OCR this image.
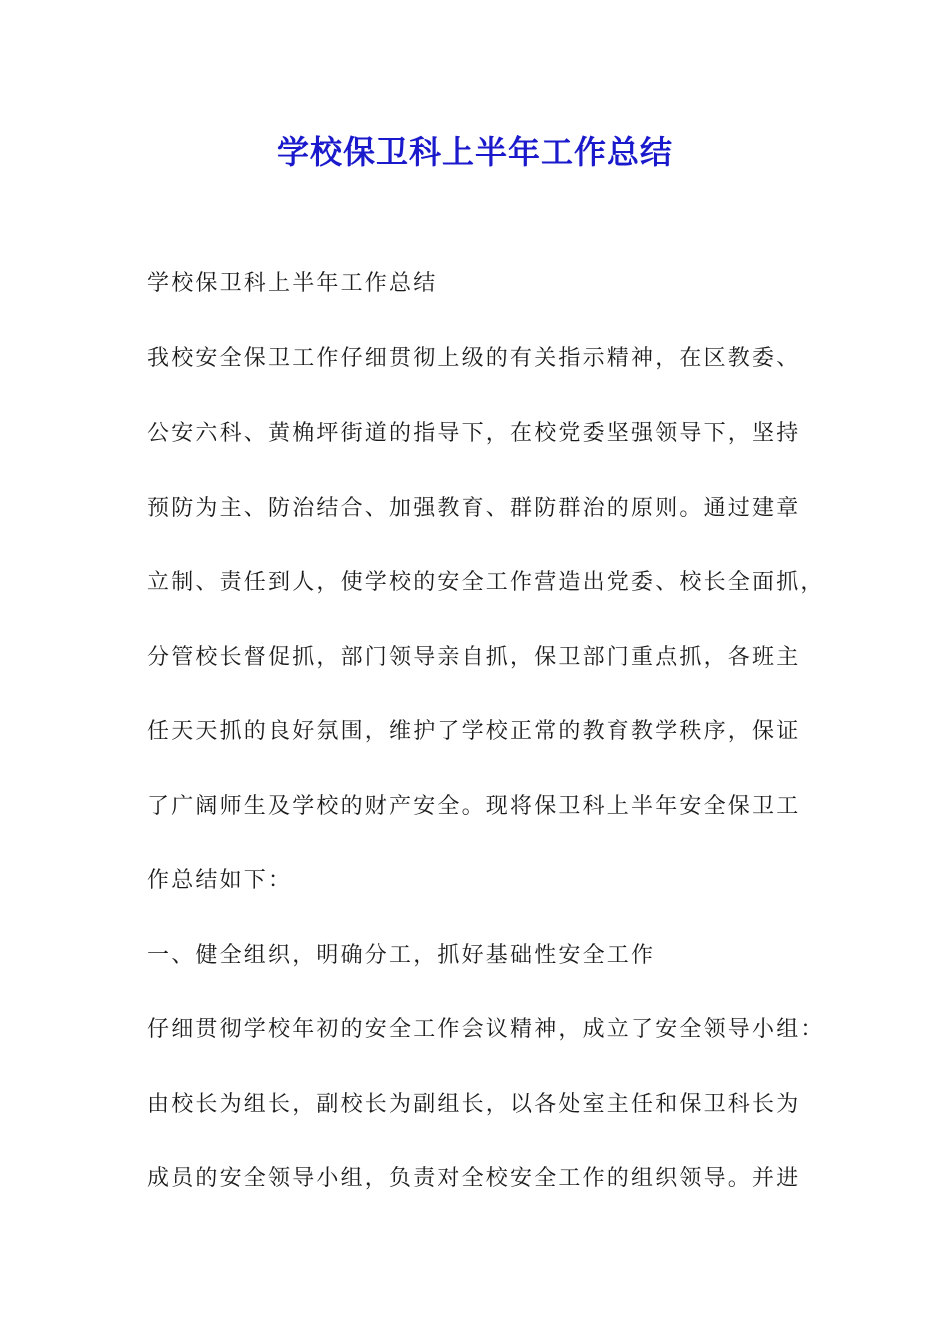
学校保卫科上半年工作总结
学校保卫科上半年工作总结
我校安全保卫工作仔细贯彻上级的有关指示精神，在区教委、
公安六科、黄桷坪街道的指导下，在校党委坚强领导下，坚持
预防为主、防治结合、加强教育、群防群治的原则。通过建章
立制、责任到人，使学校的安全工作营造出党委、校长全面抓，
分管校长督促抓，部门领导亲自抓，保卫部门重点抓，各班主
任天天抓的良好氛围，维护了学校正常的教育教学秩序，保证
了广阔师生及学校的财产安全。现将保卫科上半年安全保卫工
作总结如下：
一、健全组织，明确分工，抓好基础性安全工作
仔细贯彻学校年初的安全工作会议精神，成立了安全领导小组：
由校长为组长，副校长为副组长，以各处室主任和保卫科长为
成员的安全领导小组，负责对全校安全工作的组织领导。并进
